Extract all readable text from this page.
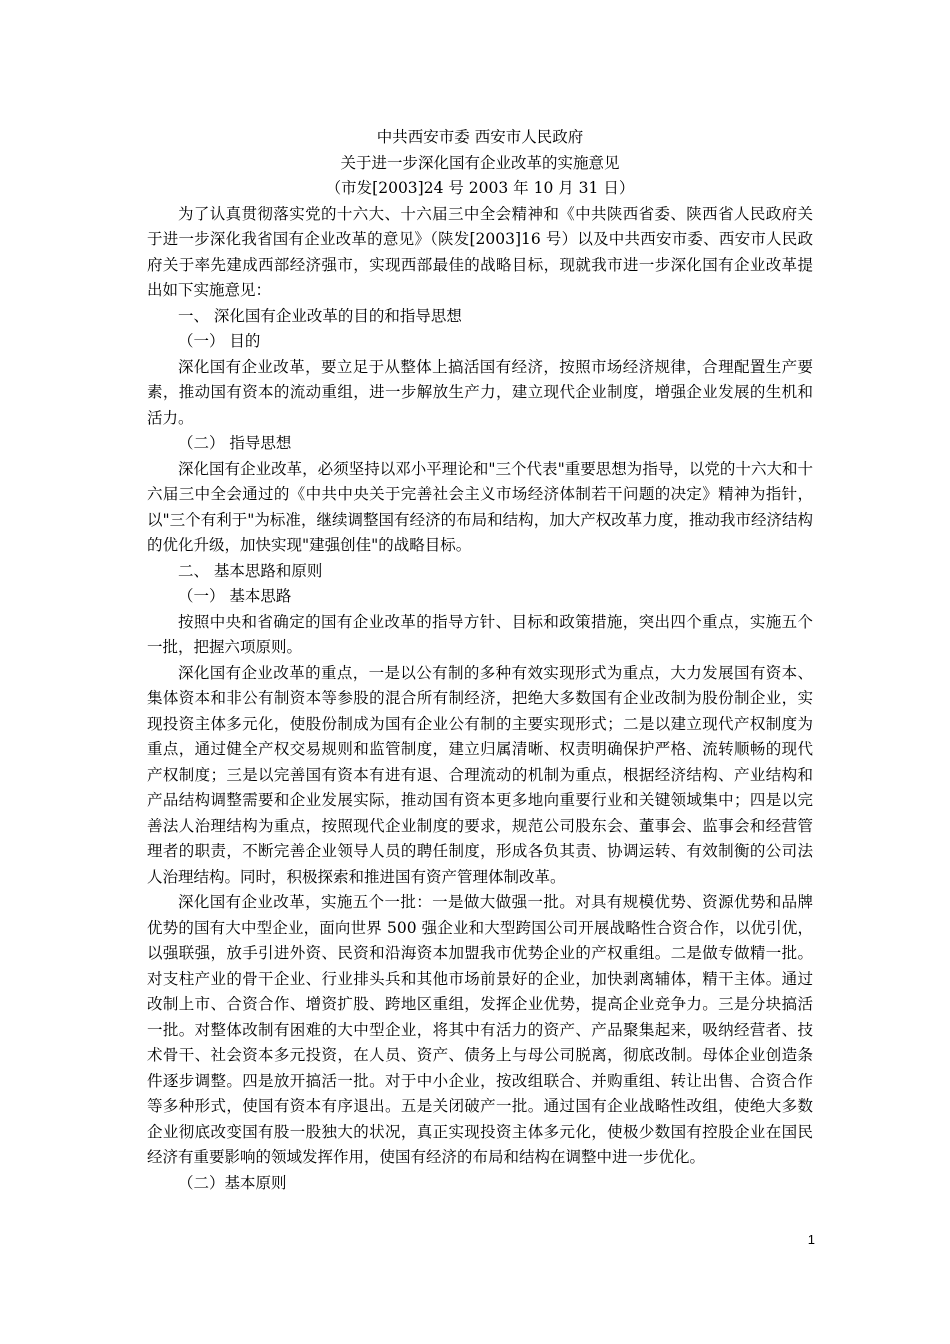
中共西安市委 西安市人民政府

关于进一步深化国有企业改革的实施意见

（市发[2003]24 号 2003 年 10 月 31 日）

为了认真贯彻落实党的十六大、十六届三中全会精神和《中共陕西省委、陕西省人民政府关于进一步深化我省国有企业改革的意见》（陕发[2003]16 号）以及中共西安市委、西安市人民政府关于率先建成西部经济强市，实现西部最佳的战略目标，现就我市进一步深化国有企业改革提出如下实施意见：

一、 深化国有企业改革的目的和指导思想

（一） 目的

深化国有企业改革，要立足于从整体上搞活国有经济，按照市场经济规律，合理配置生产要素，推动国有资本的流动重组，进一步解放生产力，建立现代企业制度，增强企业发展的生机和活力。

（二） 指导思想

深化国有企业改革，必须坚持以邓小平理论和"三个代表"重要思想为指导，以党的十六大和十六届三中全会通过的《中共中央关于完善社会主义市场经济体制若干问题的决定》精神为指针，以"三个有利于"为标准，继续调整国有经济的布局和结构，加大产权改革力度，推动我市经济结构的优化升级，加快实现"建强创佳"的战略目标。

二、 基本思路和原则

（一） 基本思路

按照中央和省确定的国有企业改革的指导方针、目标和政策措施，突出四个重点，实施五个一批，把握六项原则。

深化国有企业改革的重点，一是以公有制的多种有效实现形式为重点，大力发展国有资本、集体资本和非公有制资本等参股的混合所有制经济，把绝大多数国有企业改制为股份制企业，实现投资主体多元化，使股份制成为国有企业公有制的主要实现形式；二是以建立现代产权制度为重点，通过健全产权交易规则和监管制度，建立归属清晰、权责明确保护严格、流转顺畅的现代产权制度；三是以完善国有资本有进有退、合理流动的机制为重点，根据经济结构、产业结构和产品结构调整需要和企业发展实际，推动国有资本更多地向重要行业和关键领域集中；四是以完善法人治理结构为重点，按照现代企业制度的要求，规范公司股东会、董事会、监事会和经营管理者的职责，不断完善企业领导人员的聘任制度，形成各负其责、协调运转、有效制衡的公司法人治理结构。同时，积极探索和推进国有资产管理体制改革。

深化国有企业改革，实施五个一批：一是做大做强一批。对具有规模优势、资源优势和品牌优势的国有大中型企业，面向世界 500 强企业和大型跨国公司开展战略性合资合作，以优引优，以强联强，放手引进外资、民资和沿海资本加盟我市优势企业的产权重组。二是做专做精一批。对支柱产业的骨干企业、行业排头兵和其他市场前景好的企业，加快剥离辅体，精干主体。通过改制上市、合资合作、增资扩股、跨地区重组，发挥企业优势，提高企业竞争力。三是分块搞活一批。对整体改制有困难的大中型企业，将其中有活力的资产、产品聚集起来，吸纳经营者、技术骨干、社会资本多元投资，在人员、资产、债务上与母公司脱离，彻底改制。母体企业创造条件逐步调整。四是放开搞活一批。对于中小企业，按改组联合、并购重组、转让出售、合资合作等多种形式，使国有资本有序退出。五是关闭破产一批。通过国有企业战略性改组，使绝大多数企业彻底改变国有股一股独大的状况，真正实现投资主体多元化，使极少数国有控股企业在国民经济有重要影响的领域发挥作用，使国有经济的布局和结构在调整中进一步优化。

（二）基本原则

1
